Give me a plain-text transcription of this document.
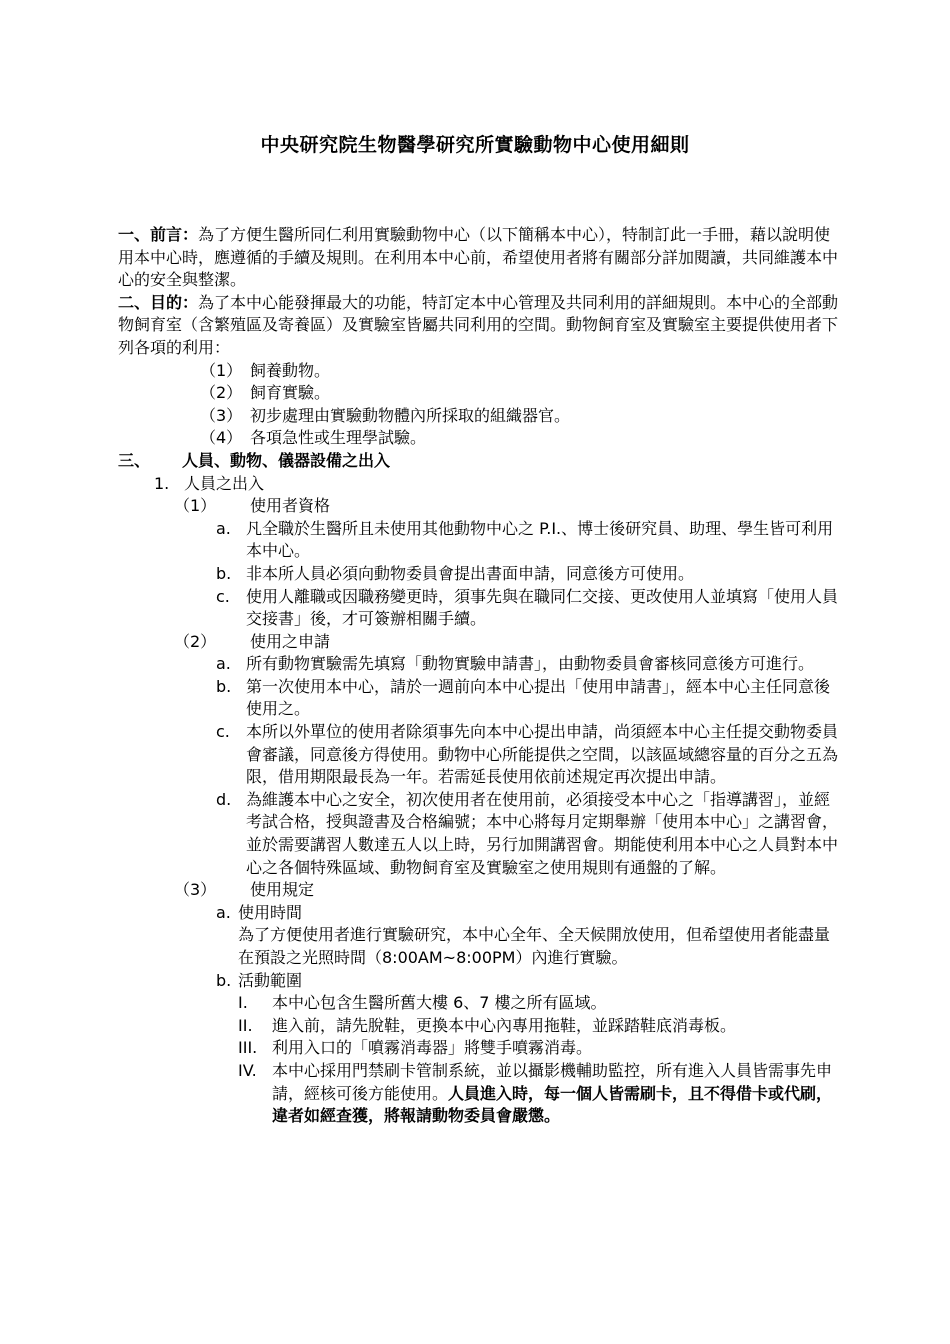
中央研究院生物醫學研究所實驗動物中心使用細則

一、前言：為了方便生醫所同仁利用實驗動物中心（以下簡稱本中心），特制訂此一手冊，藉以說明使用本中心時，應遵循的手續及規則。在利用本中心前，希望使用者將有關部分詳加閱讀，共同維護本中心的安全與整潔。

二、目的：為了本中心能發揮最大的功能，特訂定本中心管理及共同利用的詳細規則。本中心的全部動物飼育室（含繁殖區及寄養區）及實驗室皆屬共同利用的空間。動物飼育室及實驗室主要提供使用者下列各項的利用：

（1） 飼養動物。
（2） 飼育實驗。
（3） 初步處理由實驗動物體內所採取的組織器官。
（4） 各項急性或生理學試驗。
三、 人員、動物、儀器設備之出入
1. 人員之出入
（1） 使用者資格
a. 凡全職於生醫所且未使用其他動物中心之 P.I.、博士後研究員、助理、學生皆可利用本中心。
b. 非本所人員必須向動物委員會提出書面申請，同意後方可使用。
c. 使用人離職或因職務變更時，須事先與在職同仁交接、更改使用人並填寫「使用人員交接書」後，才可簽辦相關手續。
（2） 使用之申請
a. 所有動物實驗需先填寫「動物實驗申請書」，由動物委員會審核同意後方可進行。
b. 第一次使用本中心，請於一週前向本中心提出「使用申請書」，經本中心主任同意後使用之。
c. 本所以外單位的使用者除須事先向本中心提出申請，尚須經本中心主任提交動物委員會審議，同意後方得使用。動物中心所能提供之空間，以該區域總容量的百分之五為限，借用期限最長為一年。若需延長使用依前述規定再次提出申請。
d. 為維護本中心之安全，初次使用者在使用前，必須接受本中心之「指導講習」，並經考試合格，授與證書及合格編號；本中心將每月定期舉辦「使用本中心」之講習會，並於需要講習人數達五人以上時，另行加開講習會。期能使利用本中心之人員對本中心之各個特殊區域、動物飼育室及實驗室之使用規則有通盤的了解。
（3） 使用規定
a. 使用時間
為了方便使用者進行實驗研究，本中心全年、全天候開放使用，但希望使用者能盡量在預設之光照時間（8:00AM~8:00PM）內進行實驗。
b. 活動範圍
I. 本中心包含生醫所舊大樓 6、7 樓之所有區域。
II. 進入前，請先脫鞋，更換本中心內專用拖鞋，並踩踏鞋底消毒板。
III. 利用入口的「噴霧消毒器」將雙手噴霧消毒。
IV. 本中心採用門禁刷卡管制系統，並以攝影機輔助監控，所有進入人員皆需事先申請，經核可後方能使用。人員進入時，每一個人皆需刷卡，且不得借卡或代刷，違者如經查獲，將報請動物委員會嚴懲。
